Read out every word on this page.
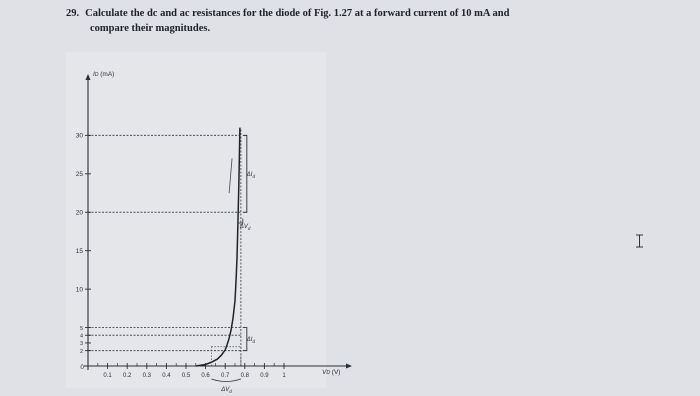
29. Calculate the dc and ac resistances for the diode of Fig. 1.27 at a forward current of 10 mA and
compare their magnitudes.
2
3
4
5
10
15
20
25
30
0.1 0.2 0.3 0.4 0.5 0.6 0.7 0.8 0.9 1
0
ID (mA)
VD (V)
$\Delta I_d$
$\Delta V_d$
$\Delta I_d$
$\Delta V_d$
